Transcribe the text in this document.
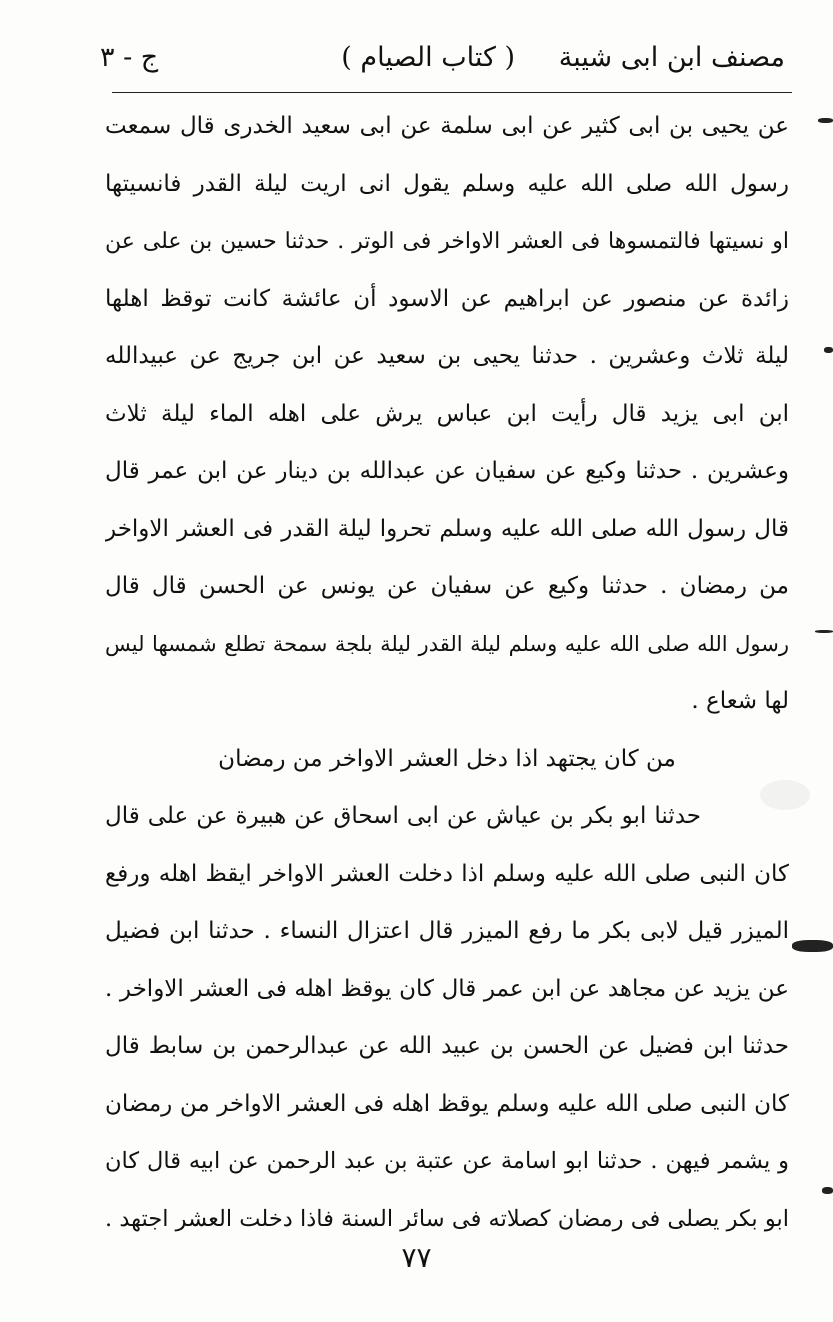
مصنف ابن ابی شیبة
( کتاب الصیام )
ج - ٣
عن یحیی بن ابی کثیر عن ابی سلمة عن ابی سعید الخدری قال سمعت
رسول الله صلی الله علیه وسلم یقول انی اریت لیلة القدر فانسیتها
او نسیتها فالتمسوها فی العشر الاواخر فی الوتر . حدثنا حسین بن علی عن
زائدة عن منصور عن ابراهیم عن الاسود أن عائشة کانت توقظ اهلها
لیلة ثلاث وعشرین . حدثنا یحیی بن سعید عن ابن جریج عن عبیدالله
ابن ابی یزید قال رأیت ابن عباس یرش علی اهله الماء لیلة ثلاث
وعشرین . حدثنا وکیع عن سفیان عن عبدالله بن دینار عن ابن عمر قال
قال رسول الله صلی الله علیه وسلم تحروا لیلة القدر فی العشر الاواخر
من رمضان . حدثنا وکیع عن سفیان عن یونس عن الحسن قال قال
رسول الله صلی الله علیه وسلم لیلة القدر لیلة بلجة سمحة تطلع شمسها لیس
لها شعاع .
من کان یجتهد اذا دخل العشر الاواخر من رمضان
حدثنا ابو بکر بن عیاش عن ابی اسحاق عن هبیرة عن علی قال
کان النبی صلی الله علیه وسلم اذا دخلت العشر الاواخر ایقظ اهله ورفع
المیزر قیل لابی بکر ما رفع المیزر قال اعتزال النساء . حدثنا ابن فضیل
عن یزید عن مجاهد عن ابن عمر قال کان یوقظ اهله فی العشر الاواخر .
حدثنا ابن فضیل عن الحسن بن عبید الله عن عبدالرحمن بن سابط قال
کان النبی صلی الله علیه وسلم یوقظ اهله فی العشر الاواخر من رمضان
و یشمر فیهن . حدثنا ابو اسامة عن عتبة بن عبد الرحمن عن ابیه قال کان
ابو بکر یصلی فی رمضان کصلاته فی سائر السنة فاذا دخلت العشر اجتهد .
٧٧
